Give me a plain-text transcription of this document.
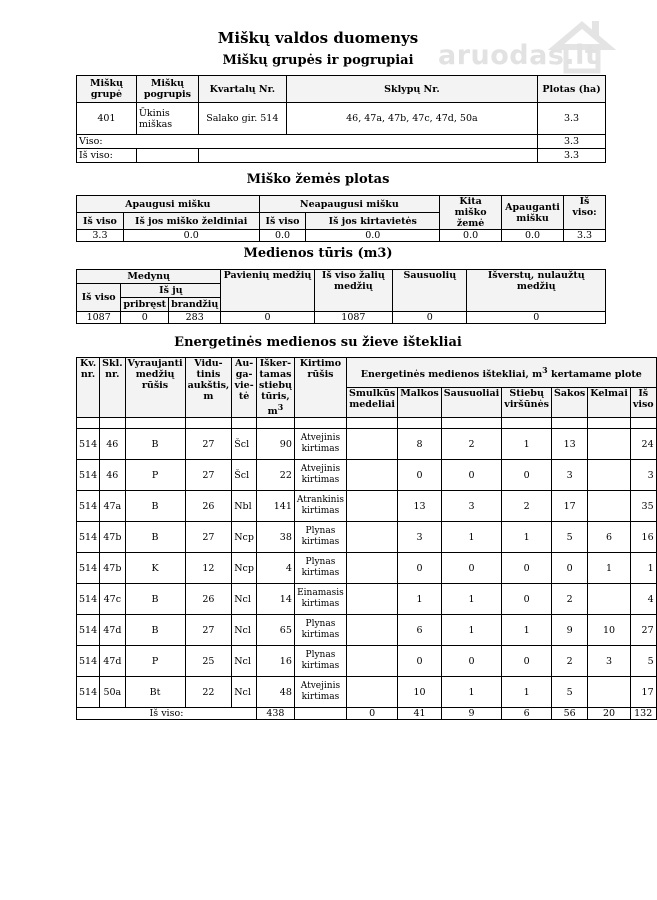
aruodas.lt
Miškų valdos duomenys
Miškų grupės ir pogrupiai
Miškų grupė	Miškų pogrupis	Kvartalų Nr.	Sklypų Nr.	Plotas (ha)
401	Ūkinis miškas	Salako gir. 514	46, 47a, 47b, 47c, 47d, 50a	3.3
Viso:				3.3
Iš viso:				3.3
Miško žemės plotas
Apaugusi mišku		Neapaugusi mišku		Kita miško žemė	Apauganti mišku	Iš viso:
Iš viso	Iš jos miško želdiniai	Iš viso	Iš jos kirtavietės			
3.3	0.0	0.0	0.0	0.0	0.0	3.3
Medienos tūris (m3)
Medynų			Pavienių medžių	Iš viso žalių medžių	Sausuolių	Išverstų, nulaužtų medžių
Iš viso	Iš jų					
	pribręst	brandžių				
1087	0	283	0	1087	0	0
Energetinės medienos su žieve ištekliai
Kv. nr.	Skl. nr.	Vyraujanti medžių rūšis	Vidu- tinis aukštis, m	Au- ga- vie- tė	Išker- tamas stiebų tūris, $m^3$	Kirtimo rūšis	Energetinės medienos ištekliai, $m^3$ kertamame plote						
							Smulkūs medeliai	Malkos	Sausuoliai	Stiebų viršūnės	Šakos	Kelmai	Iš viso

514	46	B	27	Šcl	90	Atvejinis kirtimas		8	2	1	13		24
514	46	P	27	Šcl	22	Atvejinis kirtimas		0	0	0	3		3
514	47a	B	26	Nbl	141	Atrankinis kirtimas		13	3	2	17		35
514	47b	B	27	Ncp	38	Plynas kirtimas		3	1	1	5	6	16
514	47b	K	12	Ncp	4	Plynas kirtimas		0	0	0	0	1	1
514	47c	B	26	Ncl	14	Einamasis kirtimas		1	1	0	2		4
514	47d	B	27	Ncl	65	Plynas kirtimas		6	1	1	9	10	27
514	47d	P	25	Ncl	16	Plynas kirtimas		0	0	0	2	3	5
514	50a	Bt	22	Ncl	48	Atvejinis kirtimas		10	1	1	5		17
Iš viso:					438		0	41	9	6	56	20	132
